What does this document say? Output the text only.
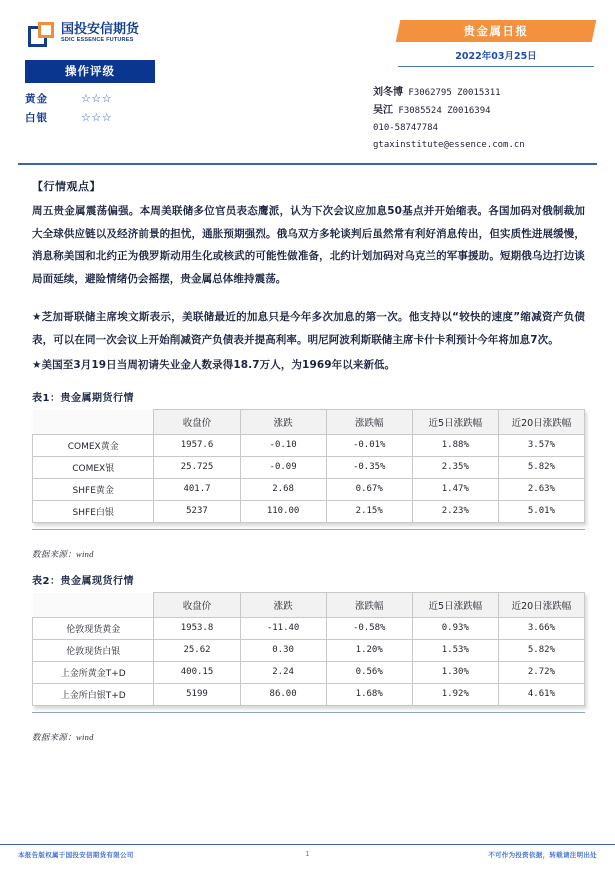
国投安信期货
SDIC ESSENCE FUTURES
操作评级
黄金	☆☆☆
白银	☆☆☆
贵金属日报
2022年03月25日
刘冬博 F3062795 Z0015311
吴江 F3085524 Z0016394
010-58747784
gtaxinstitute@essence.com.cn
【行情观点】

周五贵金属震荡偏强。本周美联储多位官员表态鹰派，认为下次会议应加息50基点并开始缩表。各国加码对俄制裁加大全球供应链以及经济前景的担忧，通胀预期强烈。俄乌双方多轮谈判后虽然常有利好消息传出，但实质性进展缓慢，消息称美国和北约正为俄罗斯动用生化或核武的可能性做准备，北约计划加码对乌克兰的军事援助。短期俄乌边打边谈局面延续，避险情绪仍会摇摆，贵金属总体维持震荡。

★芝加哥联储主席埃文斯表示，美联储最近的加息只是今年多次加息的第一次。他支持以“较快的速度”缩减资产负债表，可以在同一次会议上开始削减资产负债表并提高利率。明尼阿波利斯联储主席卡什卡利预计今年将加息7次。

★美国至3月19日当周初请失业金人数录得18.7万人，为1969年以来新低。

表1：贵金属期货行情
	收盘价	涨跌	涨跌幅	近5日涨跌幅	近20日涨跌幅
COMEX黄金	1957.6	-0.10	-0.01%	1.88%	3.57%
COMEX银	25.725	-0.09	-0.35%	2.35%	5.82%
SHFE黄金	401.7	2.68	0.67%	1.47%	2.63%
SHFE白银	5237	110.00	2.15%	2.23%	5.01%
数据来源：wind
表2：贵金属现货行情
	收盘价	涨跌	涨跌幅	近5日涨跌幅	近20日涨跌幅
伦敦现货黄金	1953.8	-11.40	-0.58%	0.93%	3.66%
伦敦现货白银	25.62	0.30	1.20%	1.53%	5.82%
上金所黄金T+D	400.15	2.24	0.56%	1.30%	2.72%
上金所白银T+D	5199	86.00	1.68%	1.92%	4.61%
数据来源：wind
本报告版权属于国投安信期货有限公司	1	不可作为投资依据，转载请注明出处
